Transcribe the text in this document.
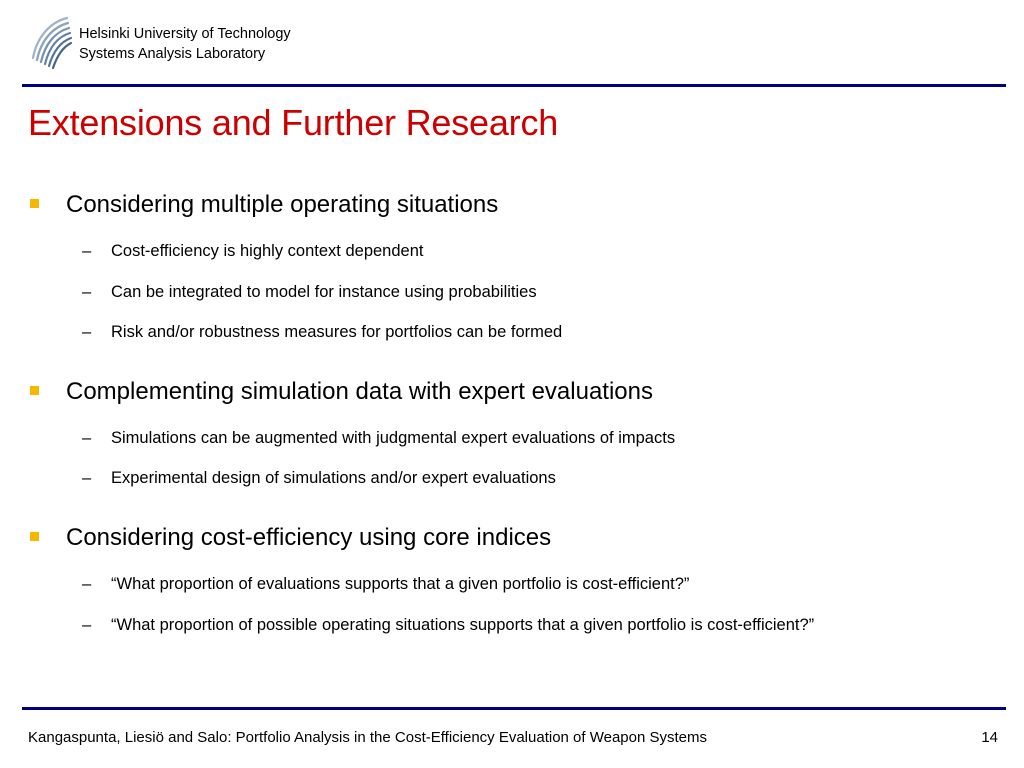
Helsinki University of Technology
Systems Analysis Laboratory
Extensions and Further Research
Considering multiple operating situations
– Cost-efficiency is highly context dependent
– Can be integrated to model for instance using probabilities
– Risk and/or robustness measures for portfolios can be formed
Complementing simulation data with expert evaluations
– Simulations can be augmented with judgmental expert evaluations of impacts
– Experimental design of simulations and/or expert evaluations
Considering cost-efficiency using core indices
– “What proportion of evaluations supports that a given portfolio is cost-efficient?”
– “What proportion of possible operating situations supports that a given portfolio is cost-efficient?”
Kangaspunta, Liesiö and Salo: Portfolio Analysis in the Cost-Efficiency Evaluation of Weapon Systems	14
